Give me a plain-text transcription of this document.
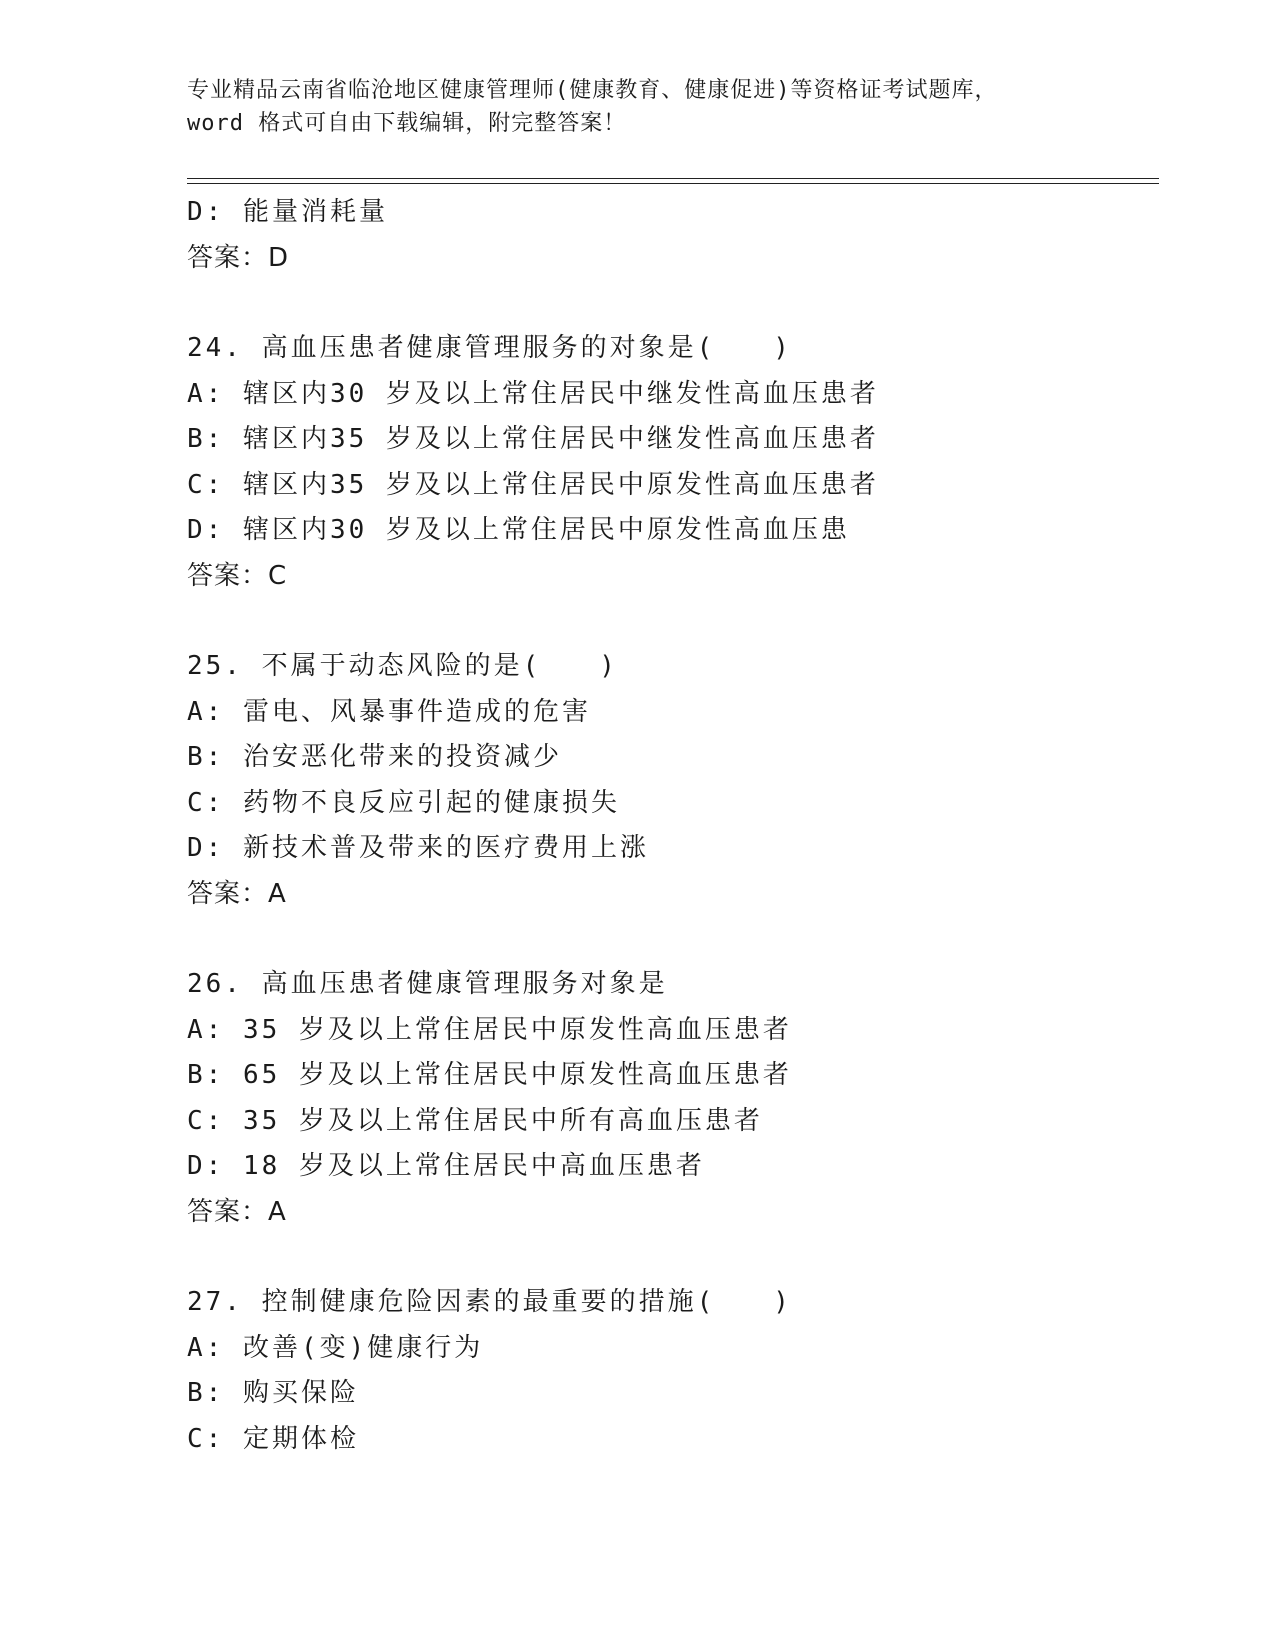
专业精品云南省临沧地区健康管理师(健康教育、健康促进)等资格证考试题库，
word 格式可自由下载编辑，附完整答案！
D: 能量消耗量
答案：D
24. 高血压患者健康管理服务的对象是(　　)
A: 辖区内30 岁及以上常住居民中继发性高血压患者
B: 辖区内35 岁及以上常住居民中继发性高血压患者
C: 辖区内35 岁及以上常住居民中原发性高血压患者
D: 辖区内30 岁及以上常住居民中原发性高血压患
答案：C
25. 不属于动态风险的是(　　)
A: 雷电、风暴事件造成的危害
B: 治安恶化带来的投资减少
C: 药物不良反应引起的健康损失
D: 新技术普及带来的医疗费用上涨
答案：A
26. 高血压患者健康管理服务对象是
A: 35 岁及以上常住居民中原发性高血压患者
B: 65 岁及以上常住居民中原发性高血压患者
C: 35 岁及以上常住居民中所有高血压患者
D: 18 岁及以上常住居民中高血压患者
答案：A
27. 控制健康危险因素的最重要的措施(　　)
A: 改善(变)健康行为
B: 购买保险
C: 定期体检
